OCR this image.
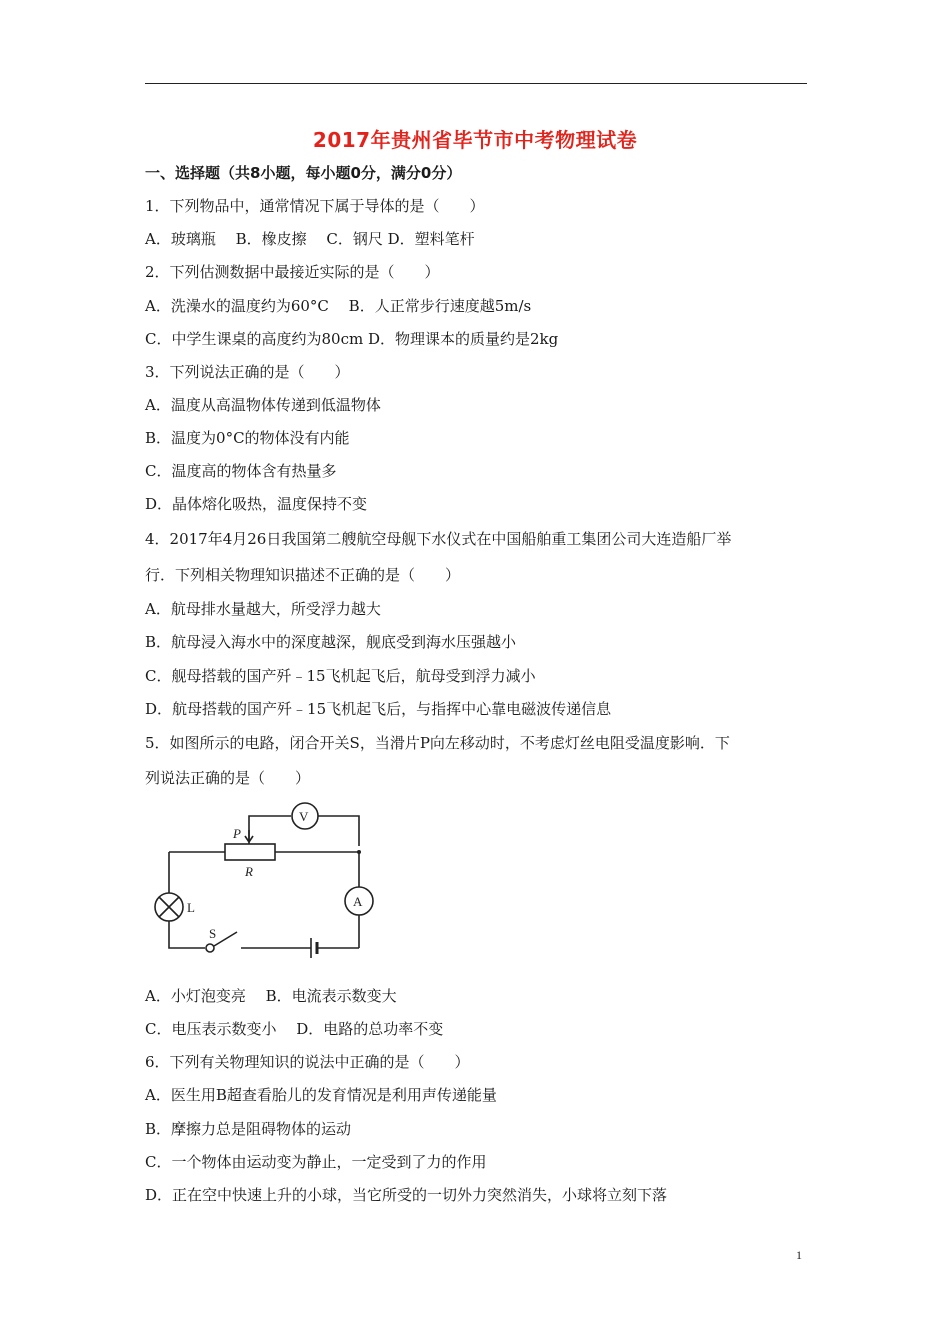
2017年贵州省毕节市中考物理试卷
一、选择题（共8小题，每小题0分，满分0分）
1．下列物品中，通常情况下属于导体的是（　　）
A．玻璃瓶　 B．橡皮擦　 C．钢尺 D．塑料笔杆
2．下列估测数据中最接近实际的是（　　）
A．洗澡水的温度约为60°C　 B．人正常步行速度越5m/s
C．中学生课桌的高度约为80cm D．物理课本的质量约是2kg
3．下列说法正确的是（　　）
A．温度从高温物体传递到低温物体
B．温度为0°C的物体没有内能
C．温度高的物体含有热量多
D．晶体熔化吸热，温度保持不变
4．2017年4月26日我国第二艘航空母舰下水仪式在中国船舶重工集团公司大连造船厂举
行．下列相关物理知识描述不正确的是（　　）
A．航母排水量越大，所受浮力越大
B．航母浸入海水中的深度越深，舰底受到海水压强越小
C．舰母搭载的国产歼﹣15飞机起飞后，航母受到浮力减小
D．航母搭载的国产歼﹣15飞机起飞后，与指挥中心靠电磁波传递信息
5．如图所示的电路，闭合开关S，当滑片P向左移动时，不考虑灯丝电阻受温度影响．下
列说法正确的是（　　）
V
A
P
R
L
S
A．小灯泡变亮　 B．电流表示数变大
C．电压表示数变小　 D．电路的总功率不变
6．下列有关物理知识的说法中正确的是（　　）
A．医生用B超查看胎儿的发育情况是利用声传递能量
B．摩擦力总是阻碍物体的运动
C．一个物体由运动变为静止，一定受到了力的作用
D．正在空中快速上升的小球，当它所受的一切外力突然消失，小球将立刻下落
1
